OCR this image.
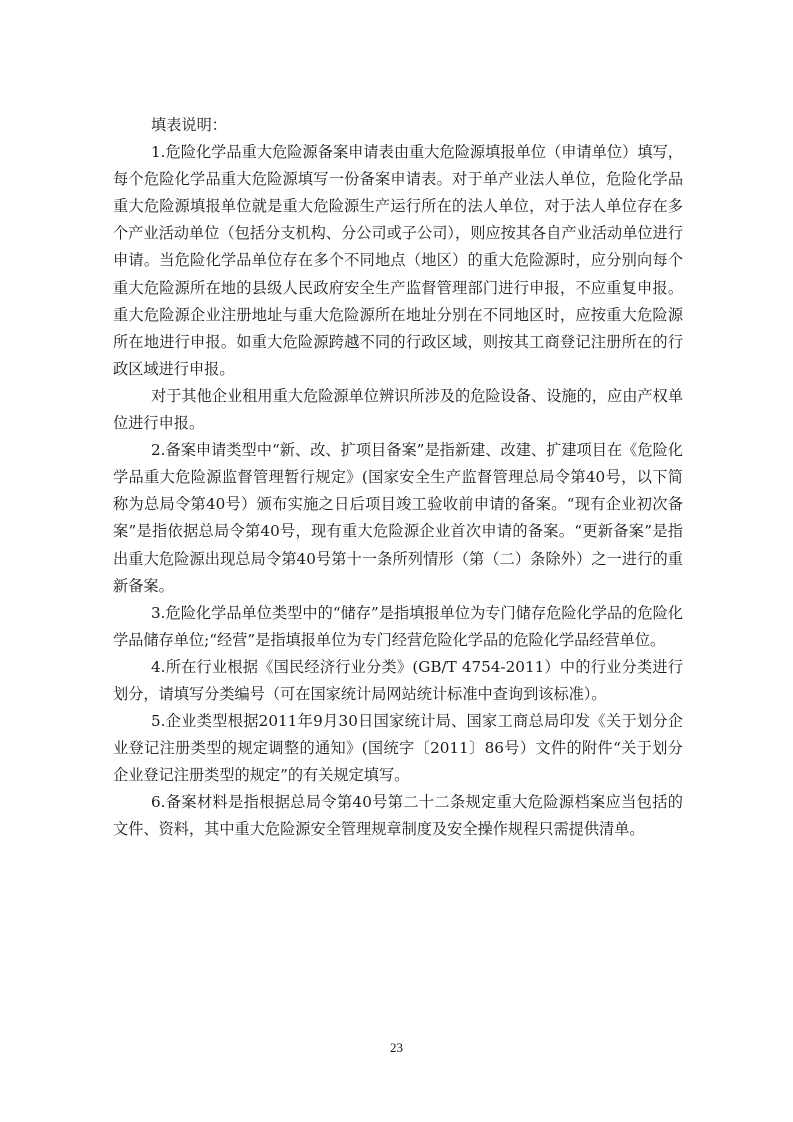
填表说明：

1.危险化学品重大危险源备案申请表由重大危险源填报单位（申请单位）填写，每个危险化学品重大危险源填写一份备案申请表。对于单产业法人单位，危险化学品重大危险源填报单位就是重大危险源生产运行所在的法人单位，对于法人单位存在多个产业活动单位（包括分支机构、分公司或子公司），则应按其各自产业活动单位进行申请。当危险化学品单位存在多个不同地点（地区）的重大危险源时，应分别向每个重大危险源所在地的县级人民政府安全生产监督管理部门进行申报，不应重复申报。重大危险源企业注册地址与重大危险源所在地址分别在不同地区时，应按重大危险源所在地进行申报。如重大危险源跨越不同的行政区域，则按其工商登记注册所在的行政区域进行申报。

对于其他企业租用重大危险源单位辨识所涉及的危险设备、设施的，应由产权单位进行申报。

2.备案申请类型中“新、改、扩项目备案”是指新建、改建、扩建项目在《危险化学品重大危险源监督管理暂行规定》(国家安全生产监督管理总局令第40号，以下简称为总局令第40号）颁布实施之日后项目竣工验收前申请的备案。“现有企业初次备案”是指依据总局令第40号，现有重大危险源企业首次申请的备案。“更新备案”是指出重大危险源出现总局令第40号第十一条所列情形（第（二）条除外）之一进行的重新备案。

3.危险化学品单位类型中的“储存”是指填报单位为专门储存危险化学品的危险化学品储存单位;“经营”是指填报单位为专门经营危险化学品的危险化学品经营单位。

4.所在行业根据《国民经济行业分类》(GB/T 4754-2011）中的行业分类进行划分，请填写分类编号（可在国家统计局网站统计标准中查询到该标准）。

5.企业类型根据2011年9月30日国家统计局、国家工商总局印发《关于划分企业登记注册类型的规定调整的通知》(国统字〔2011〕86号）文件的附件“关于划分企业登记注册类型的规定”的有关规定填写。

6.备案材料是指根据总局令第40号第二十二条规定重大危险源档案应当包括的文件、资料，其中重大危险源安全管理规章制度及安全操作规程只需提供清单。

23
